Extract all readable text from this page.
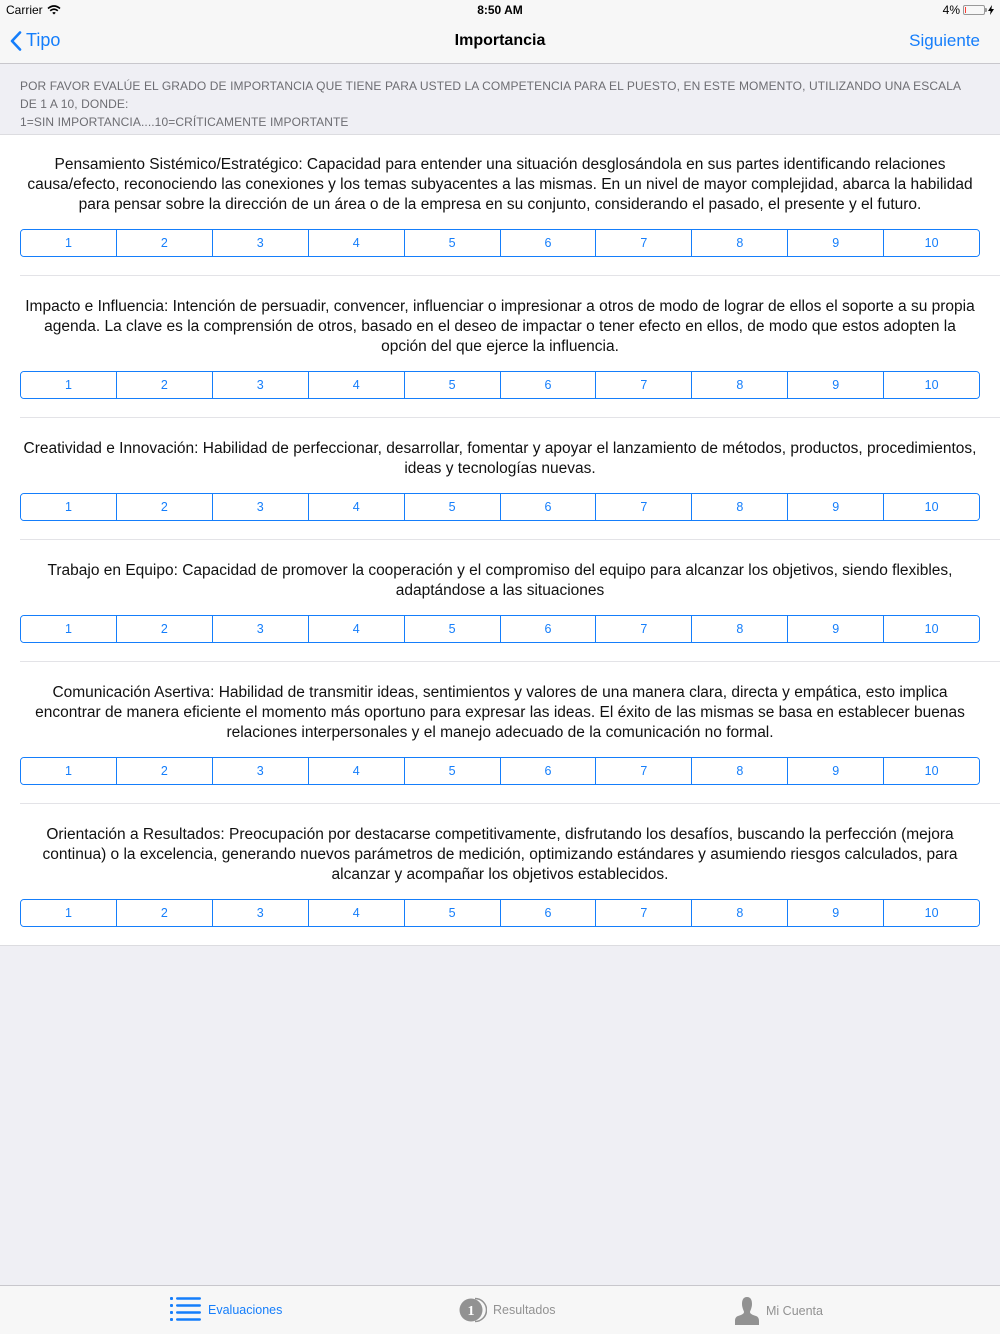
Carrier	8:50 AM	4%
Tipo	Importancia	Siguiente
POR FAVOR EVALÚE EL GRADO DE IMPORTANCIA QUE TIENE PARA USTED LA COMPETENCIA PARA EL PUESTO, EN ESTE MOMENTO, UTILIZANDO UNA ESCALA DE 1 A 10, DONDE:
1=SIN IMPORTANCIA....10=CRÍTICAMENTE IMPORTANTE
Pensamiento Sistémico/Estratégico: Capacidad para entender una situación desglosándola en sus partes identificando relaciones causa/efecto, reconociendo las conexiones y los temas subyacentes a las mismas. En un nivel de mayor complejidad, abarca la habilidad para pensar sobre la dirección de un área o de la empresa en su conjunto, considerando el pasado, el presente y el futuro.
1	2	3	4	5	6	7	8	9	10
Impacto e Influencia: Intención de persuadir, convencer, influenciar o impresionar a otros de modo de lograr de ellos el soporte a su propia agenda. La clave es la comprensión de otros, basado en el deseo de impactar o tener efecto en ellos, de modo que estos adopten la opción del que ejerce la influencia.
1	2	3	4	5	6	7	8	9	10
Creatividad e Innovación: Habilidad de perfeccionar, desarrollar, fomentar y apoyar el lanzamiento de métodos, productos, procedimientos, ideas y tecnologías nuevas.
1	2	3	4	5	6	7	8	9	10
Trabajo en Equipo: Capacidad de promover la cooperación y el compromiso del equipo para alcanzar los objetivos, siendo flexibles, adaptándose a las situaciones
1	2	3	4	5	6	7	8	9	10
Comunicación Asertiva: Habilidad de transmitir ideas, sentimientos y valores de una manera clara, directa y empática, esto implica encontrar de manera eficiente el momento más oportuno para expresar las ideas. El éxito de las mismas se basa en establecer buenas relaciones interpersonales y el manejo adecuado de la comunicación no formal.
1	2	3	4	5	6	7	8	9	10
Orientación a Resultados: Preocupación por destacarse competitivamente, disfrutando los desafíos, buscando la perfección (mejora continua) o la excelencia, generando nuevos parámetros de medición, optimizando estándares y asumiendo riesgos calculados, para alcanzar y acompañar los objetivos establecidos.
1	2	3	4	5	6	7	8	9	10
Evaluaciones	1 Resultados	Mi Cuenta
